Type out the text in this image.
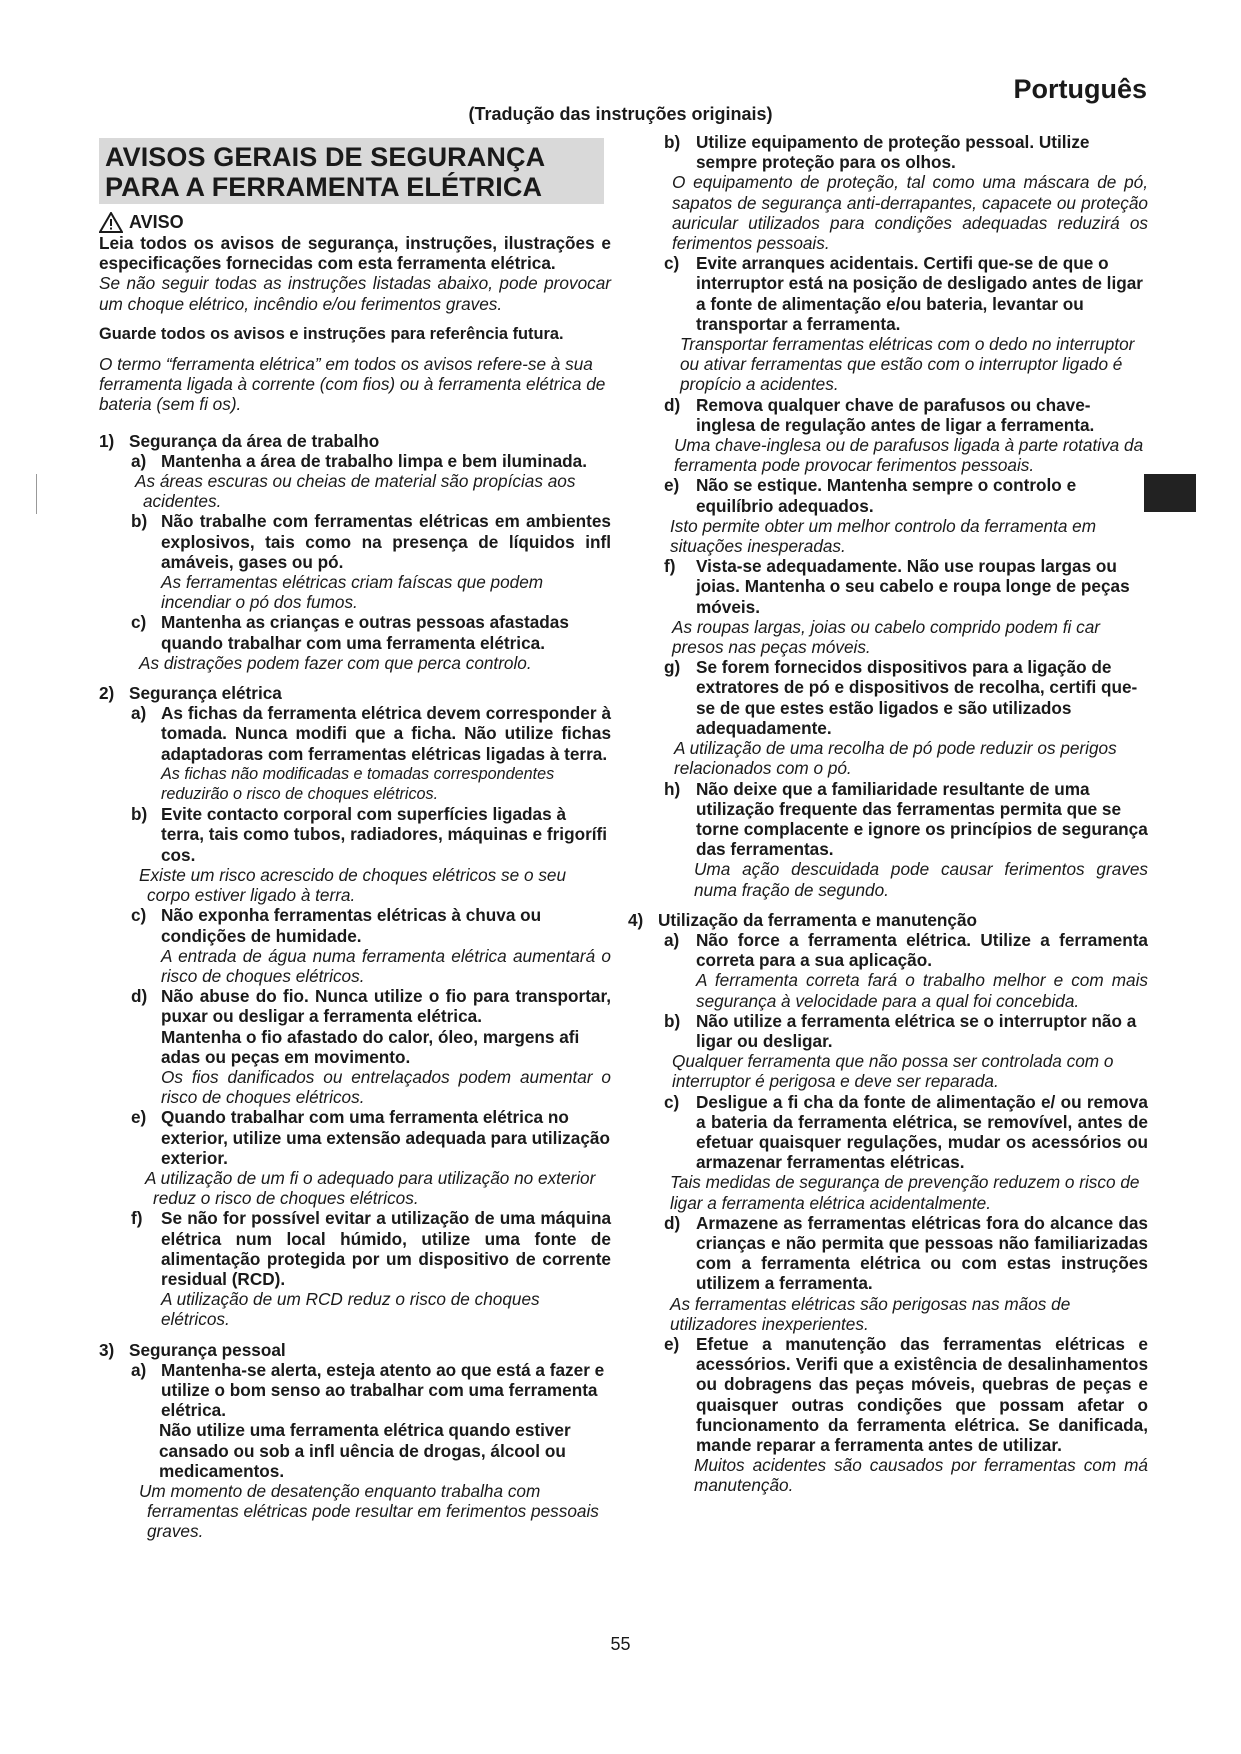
Português
(Tradução das instruções originais)
AVISOS GERAIS DE SEGURANÇA
PARA A FERRAMENTA ELÉTRICA
AVISO
Leia todos os avisos de segurança, instruções, ilustrações e especificações fornecidas com esta ferramenta elétrica.
Se não seguir todas as instruções listadas abaixo, pode provocar um choque elétrico, incêndio e/ou ferimentos graves.
Guarde todos os avisos e instruções para referência futura.
O termo “ferramenta elétrica” em todos os avisos refere-se à sua ferramenta ligada à corrente (com fios) ou à ferramenta elétrica de bateria (sem fi os).
1) Segurança da área de trabalho
a) Mantenha a área de trabalho limpa e bem iluminada.
As áreas escuras ou cheias de material são propícias aos acidentes.
b) Não trabalhe com ferramentas elétricas em ambientes explosivos, tais como na presença de líquidos infl amáveis, gases ou pó.
As ferramentas elétricas criam faíscas que podem incendiar o pó dos fumos.
c) Mantenha as crianças e outras pessoas afastadas quando trabalhar com uma ferramenta elétrica.
As distrações podem fazer com que perca controlo.
2) Segurança elétrica
a) As fichas da ferramenta elétrica devem corresponder à tomada. Nunca modifi que a ficha. Não utilize fichas adaptadoras com ferramentas elétricas ligadas à terra.
As fichas não modificadas e tomadas correspondentes reduzirão o risco de choques elétricos.
b) Evite contacto corporal com superfícies ligadas à terra, tais como tubos, radiadores, máquinas e frigorífi cos.
Existe um risco acrescido de choques elétricos se o seu corpo estiver ligado à terra.
c) Não exponha ferramentas elétricas à chuva ou condições de humidade.
A entrada de água numa ferramenta elétrica aumentará o risco de choques elétricos.
d) Não abuse do fio. Nunca utilize o fio para transportar, puxar ou desligar a ferramenta elétrica.
Mantenha o fio afastado do calor, óleo, margens afi adas ou peças em movimento.
Os fios danificados ou entrelaçados podem aumentar o risco de choques elétricos.
e) Quando trabalhar com uma ferramenta elétrica no exterior, utilize uma extensão adequada para utilização exterior.
A utilização de um fi o adequado para utilização no exterior reduz o risco de choques elétricos.
f)	Se não for possível evitar a utilização de uma máquina elétrica num local húmido, utilize uma fonte de alimentação protegida por um dispositivo de corrente residual (RCD).
A utilização de um RCD reduz o risco de choques elétricos.
3) Segurança pessoal
a) Mantenha-se alerta, esteja atento ao que está a fazer e utilize o bom senso ao trabalhar com uma ferramenta elétrica.
Não utilize uma ferramenta elétrica quando estiver cansado ou sob a infl uência de drogas, álcool ou medicamentos.
Um momento de desatenção enquanto trabalha com ferramentas elétricas pode resultar em ferimentos pessoais graves.
b) Utilize equipamento de proteção pessoal. Utilize sempre proteção para os olhos.
O equipamento de proteção, tal como uma máscara de pó, sapatos de segurança anti-derrapantes, capacete ou proteção auricular utilizados para condições adequadas reduzirá os ferimentos pessoais.
c) Evite arranques acidentais. Certifi que-se de que o interruptor está na posição de desligado antes de ligar a fonte de alimentação e/ou bateria, levantar ou transportar a ferramenta.
Transportar ferramentas elétricas com o dedo no interruptor ou ativar ferramentas que estão com o interruptor ligado é propício a acidentes.
d) Remova qualquer chave de parafusos ou chave-inglesa de regulação antes de ligar a ferramenta.
Uma chave-inglesa ou de parafusos ligada à parte rotativa da ferramenta pode provocar ferimentos pessoais.
e) Não se estique. Mantenha sempre o controlo e equilíbrio adequados.
Isto permite obter um melhor controlo da ferramenta em situações inesperadas.
f)	Vista-se adequadamente. Não use roupas largas ou joias. Mantenha o seu cabelo e roupa longe de peças móveis.
As roupas largas, joias ou cabelo comprido podem fi car presos nas peças móveis.
g) Se forem fornecidos dispositivos para a ligação de extratores de pó e dispositivos de recolha, certifi que-se de que estes estão ligados e são utilizados adequadamente.
A utilização de uma recolha de pó pode reduzir os perigos relacionados com o pó.
h) Não deixe que a familiaridade resultante de uma utilização frequente das ferramentas permita que se torne complacente e ignore os princípios de segurança das ferramentas.
Uma ação descuidada pode causar ferimentos graves numa fração de segundo.
4) Utilização da ferramenta e manutenção
a) Não force a ferramenta elétrica. Utilize a ferramenta correta para a sua aplicação.
A ferramenta correta fará o trabalho melhor e com mais segurança à velocidade para a qual foi concebida.
b) Não utilize a ferramenta elétrica se o interruptor não a ligar ou desligar.
Qualquer ferramenta que não possa ser controlada com o interruptor é perigosa e deve ser reparada.
c) Desligue a fi cha da fonte de alimentação e/ ou remova a bateria da ferramenta elétrica, se removível, antes de efetuar quaisquer regulações, mudar os acessórios ou armazenar ferramentas elétricas.
Tais medidas de segurança de prevenção reduzem o risco de ligar a ferramenta elétrica acidentalmente.
d) Armazene as ferramentas elétricas fora do alcance das crianças e não permita que pessoas não familiarizadas com a ferramenta elétrica ou com estas instruções utilizem a ferramenta.
As ferramentas elétricas são perigosas nas mãos de utilizadores inexperientes.
e) Efetue a manutenção das ferramentas elétricas e acessórios. Verifi que a existência de desalinhamentos ou dobragens das peças móveis, quebras de peças e quaisquer outras condições que possam afetar o funcionamento da ferramenta elétrica. Se danificada, mande reparar a ferramenta antes de utilizar.
Muitos acidentes são causados por ferramentas com má manutenção.
55
